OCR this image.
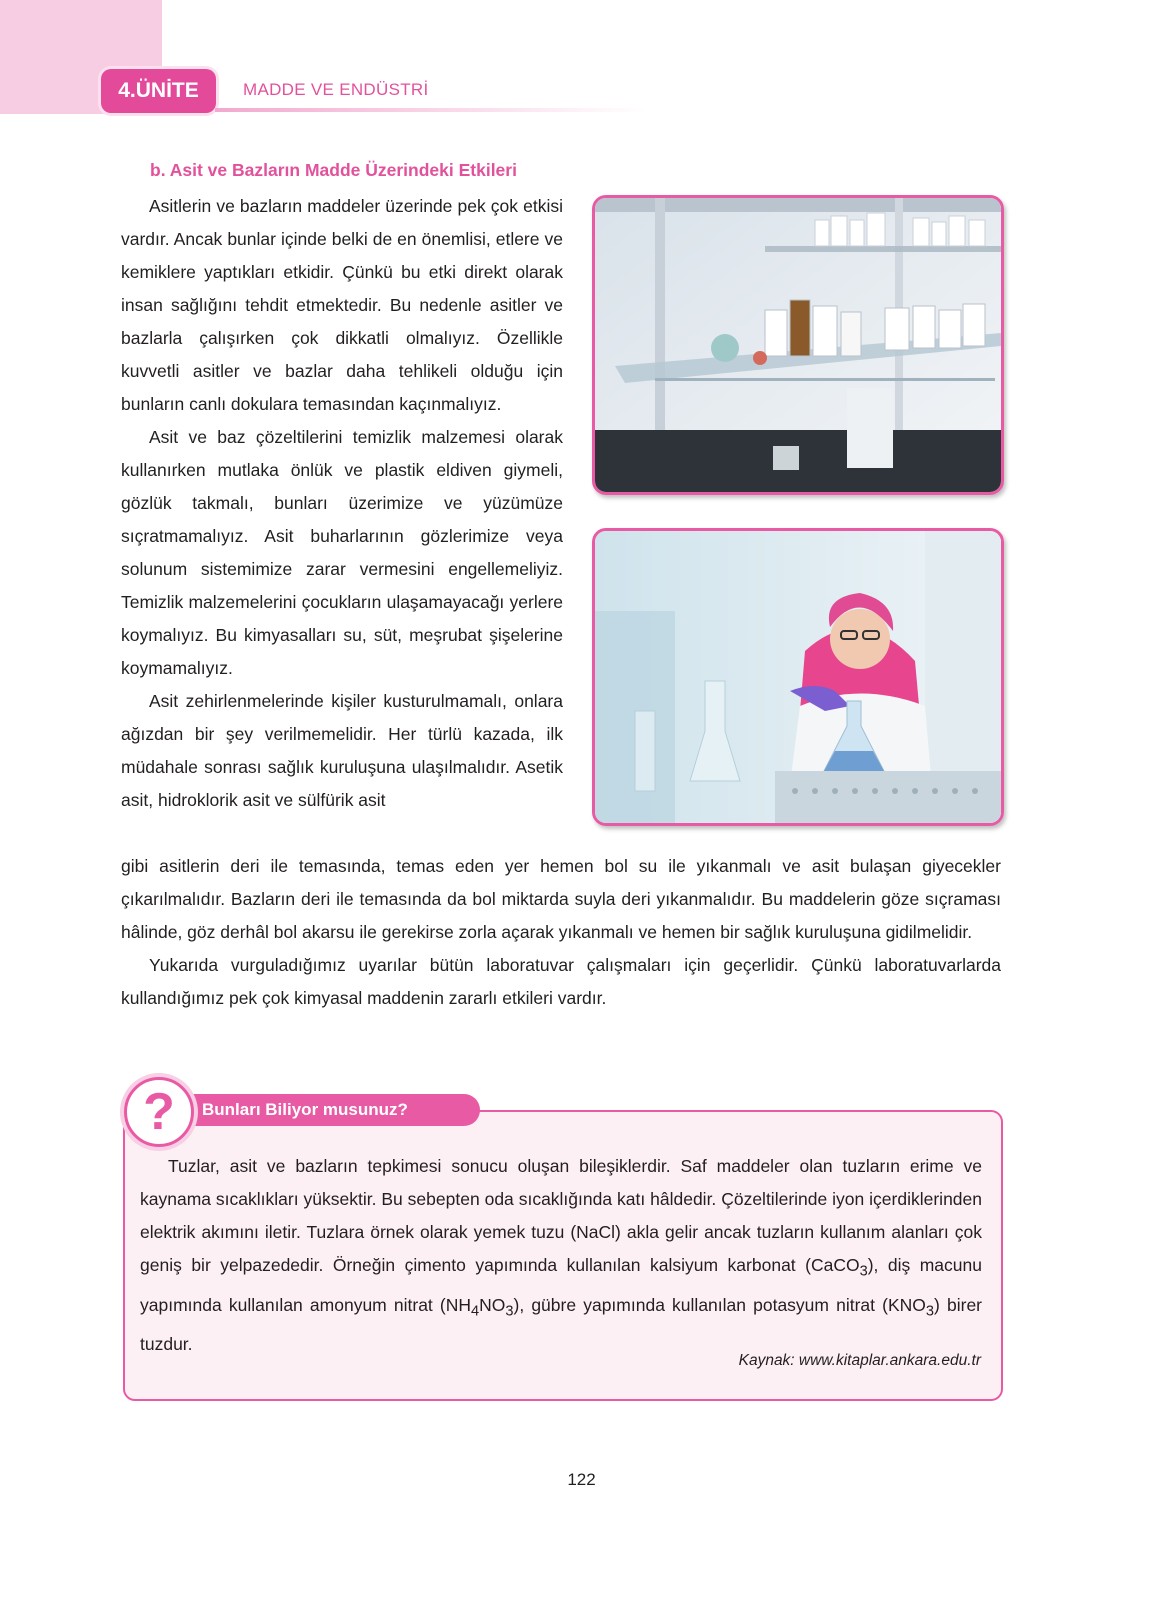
4.ÜNİTE	MADDE VE ENDÜSTRİ
b. Asit ve Bazların Madde Üzerindeki Etkileri

Asitlerin ve bazların maddeler üzerinde pek çok etkisi vardır. Ancak bunlar içinde belki de en önemlisi, etlere ve kemiklere yaptıkları etkidir. Çünkü bu etki direkt olarak insan sağlığını tehdit etmektedir. Bu nedenle asitler ve bazlarla çalışırken çok dikkatli olmalıyız. Özellikle kuvvetli asitler ve bazlar daha tehlikeli olduğu için bunların canlı dokulara temasından kaçınmalıyız.

Asit ve baz çözeltilerini temizlik malzemesi olarak kullanırken mutlaka önlük ve plastik eldiven giymeli, gözlük takmalı, bunları üzerimize ve yüzümüze sıçratmamalıyız. Asit buharlarının gözlerimize veya solunum sistemimize zarar vermesini engellemeliyiz. Temizlik malzemelerini çocukların ulaşamayacağı yerlere koymalıyız. Bu kimyasalları su, süt, meşrubat şişelerine koymamalıyız.

Asit zehirlenmelerinde kişiler kusturulmamalı, onlara ağızdan bir şey verilmemelidir. Her türlü kazada, ilk müdahale sonrası sağlık kuruluşuna ulaşılmalıdır. Asetik asit, hidroklorik asit ve sülfürik asit

gibi asitlerin deri ile temasında, temas eden yer hemen bol su ile yıkanmalı ve asit bulaşan giyecekler çıkarılmalıdır. Bazların deri ile temasında da bol miktarda suyla deri yıkanmalıdır. Bu maddelerin göze sıçraması hâlinde, göz derhâl bol akarsu ile gerekirse zorla açarak yıkanmalı ve hemen bir sağlık kuruluşuna gidilmelidir.

Yukarıda vurguladığımız uyarılar bütün laboratuvar çalışmaları için geçerlidir. Çünkü laboratuvarlarda kullandığımız pek çok kimyasal maddenin zararlı etkileri vardır.

Bunları Biliyor musunuz?
?

Tuzlar, asit ve bazların tepkimesi sonucu oluşan bileşiklerdir. Saf maddeler olan tuzların erime ve kaynama sıcaklıkları yüksektir. Bu sebepten oda sıcaklığında katı hâldedir. Çözeltilerinde iyon içerdiklerinden elektrik akımını iletir. Tuzlara örnek olarak yemek tuzu (NaCl) akla gelir ancak tuzların kullanım alanları çok geniş bir yelpazededir. Örneğin çimento yapımında kullanılan kalsiyum karbonat (CaCO$_3$), diş macunu yapımında kullanılan amonyum nitrat $(NH_4NO_3)$, gübre yapımında kullanılan potasyum nitrat $(KNO_3)$ birer tuzdur.

Kaynak: www.kitaplar.ankara.edu.tr
122
